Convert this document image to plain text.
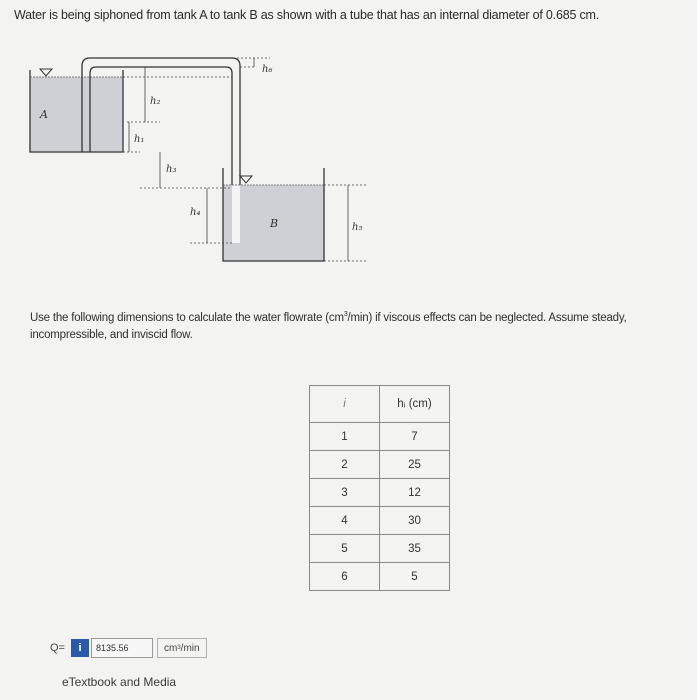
Water is being siphoned from tank A to tank B as shown with a tube that has an internal diameter of 0.685 cm.
A
B
h₂
h₁
h₃
h₄
h₆
h₅
Use the following dimensions to calculate the water flowrate $(cm^3/\min)$ if viscous effects can be neglected. Assume steady, incompressible, and inviscid flow.
i	hᵢ (cm)
1	7
2	25
3	12
4	30
5	35
6	5
Q=	i
8135.56	cm 3 /min
eTextbook and Media
